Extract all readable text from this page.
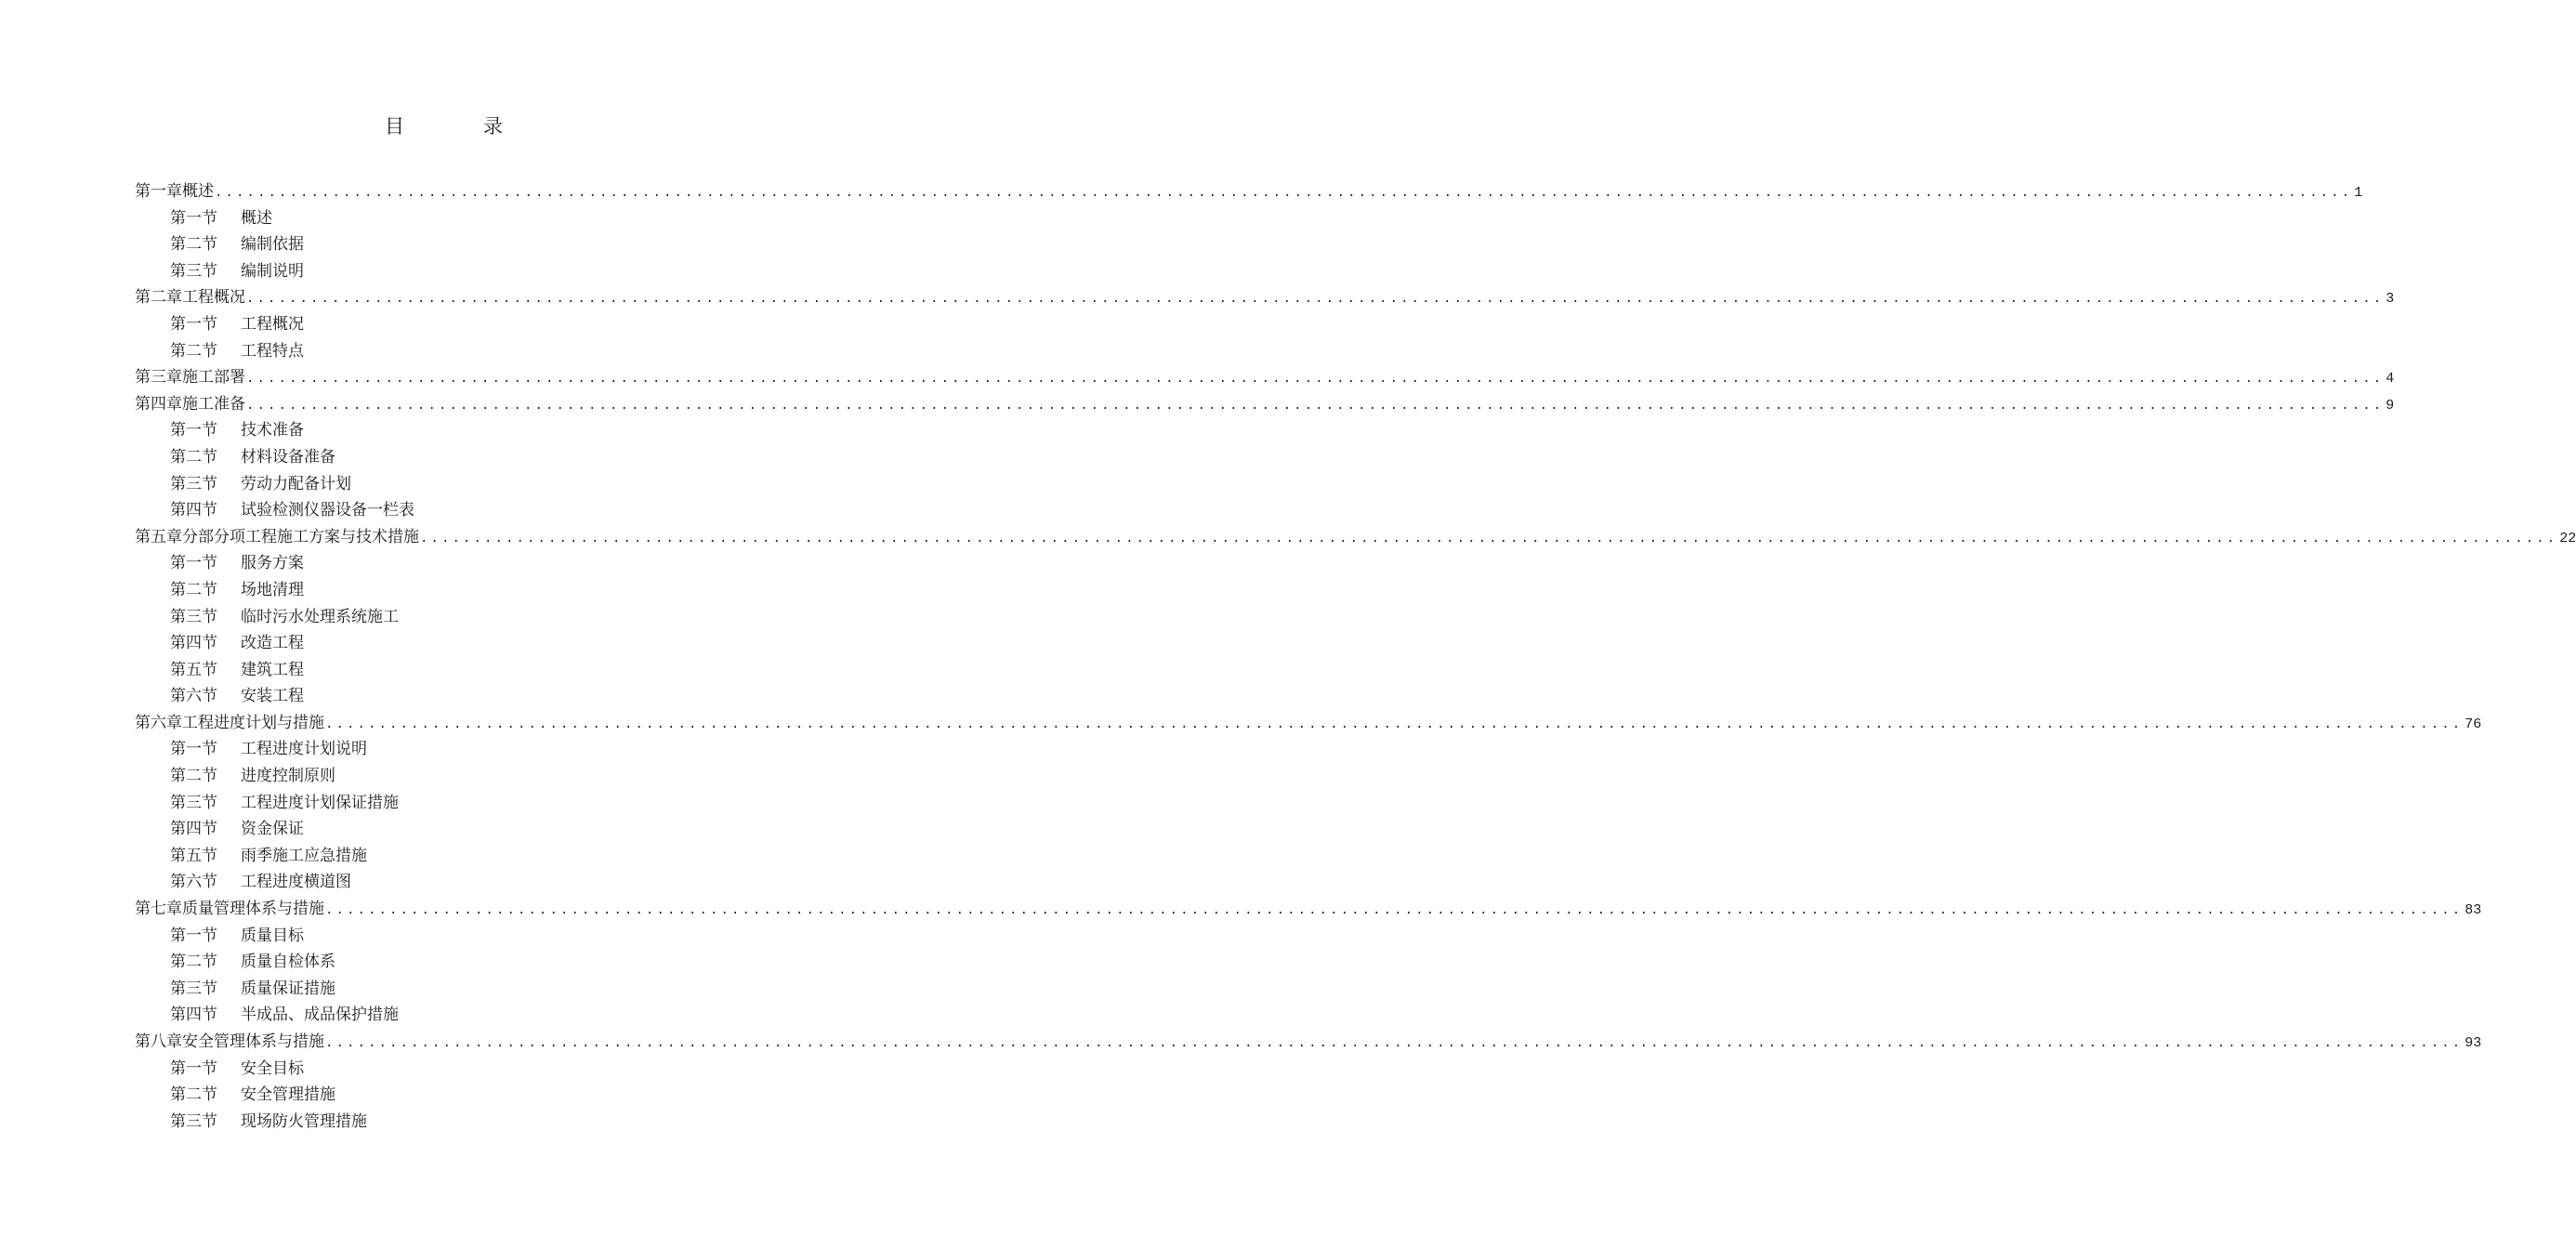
目　录
第一章 概述 ........................................................................................................................................................................................................ 1
第一节	概述
第二节	编制依据
第三节	编制说明
第二章 工程概况 ........................................................................................................................................................................................................ 3
第一节	工程概况
第二节	工程特点
第三章 施工部署 ........................................................................................................................................................................................................ 4
第四章 施工准备 ........................................................................................................................................................................................................ 9
第一节	技术准备
第二节	材料设备准备
第三节	劳动力配备计划
第四节	试验检测仪器设备一栏表
第五章 分部分项工程施工方案与技术措施 ........................................................................................................................................................................................................ 22
第一节	服务方案
第二节	场地清理
第三节	临时污水处理系统施工
第四节	改造工程
第五节	建筑工程
第六节	安装工程
第六章 工程进度计划与措施 ........................................................................................................................................................................................................ 76
第一节	工程进度计划说明
第二节	进度控制原则
第三节	工程进度计划保证措施
第四节	资金保证
第五节	雨季施工应急措施
第六节	工程进度横道图
第七章 质量管理体系与措施 ........................................................................................................................................................................................................ 83
第一节	质量目标
第二节	质量自检体系
第三节	质量保证措施
第四节	半成品、成品保护措施
第八章 安全管理体系与措施 ........................................................................................................................................................................................................ 93
第一节	安全目标
第二节	安全管理措施
第三节	现场防火管理措施
